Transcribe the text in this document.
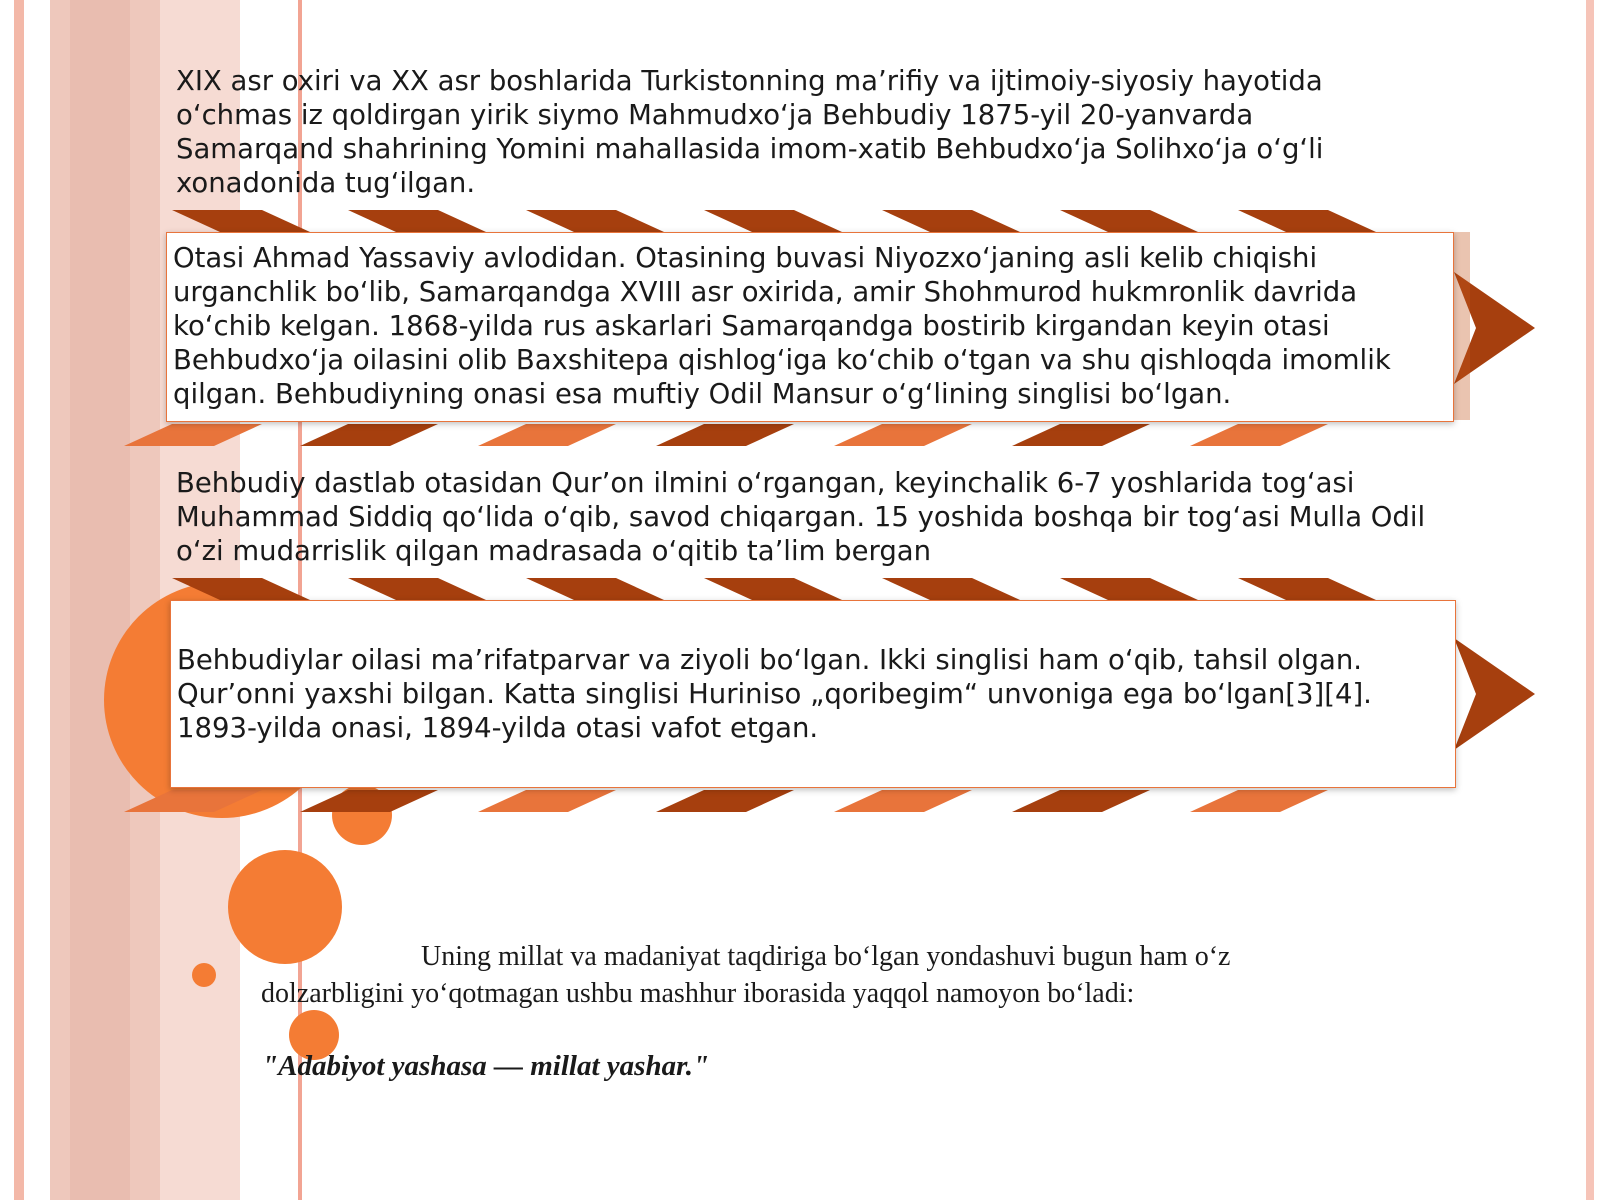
XIX asr oxiri va XX asr boshlarida Turkistonning ma’rifiy va ijtimoiy-siyosiy hayotida o‘chmas iz qoldirgan yirik siymo Mahmudxo‘ja Behbudiy 1875-yil 20-yanvarda Samarqand shahrining Yomini mahallasida imom-xatib Behbudxo‘ja Solihxo‘ja o‘g‘li xonadonida tug‘ilgan.

Otasi Ahmad Yassaviy avlodidan. Otasining buvasi Niyozxo‘janing asli kelib chiqishi urganchlik bo‘lib, Samarqandga XVIII asr oxirida, amir Shohmurod hukmronlik davrida ko‘chib kelgan. 1868-yilda rus askarlari Samarqandga bostirib kirgandan keyin otasi Behbudxo‘ja oilasini olib Baxshitepa qishlog‘iga ko‘chib o‘tgan va shu qishloqda imomlik qilgan. Behbudiyning onasi esa muftiy Odil Mansur o‘g‘lining singlisi bo‘lgan.

Behbudiy dastlab otasidan Qur’on ilmini o‘rgangan, keyinchalik 6-7 yoshlarida tog‘asi Muhammad Siddiq qo‘lida o‘qib, savod chiqargan. 15 yoshida boshqa bir tog‘asi Mulla Odil o‘zi mudarrislik qilgan madrasada o‘qitib ta’lim bergan

Behbudiylar oilasi ma’rifatparvar va ziyoli bo‘lgan. Ikki singlisi ham o‘qib, tahsil olgan. Qur’onni yaxshi bilgan. Katta singlisi Huriniso „qoribegim“ unvoniga ega bo‘lgan[3][4]. 1893-yilda onasi, 1894-yilda otasi vafot etgan.

Uning millat va madaniyat taqdiriga bo‘lgan yondashuvi bugun ham o‘z dolzarbligini yo‘qotmagan ushbu mashhur iborasida yaqqol namoyon bo‘ladi:

"Adabiyot yashasa — millat yashar."
